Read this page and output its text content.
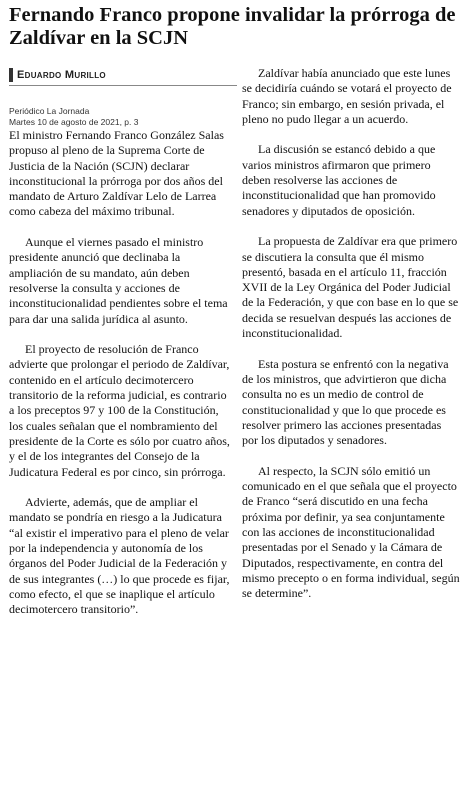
Fernando Franco propone invalidar la prórroga de Zaldívar en la SCJN
Eduardo Murillo
Periódico La Jornada
Martes 10 de agosto de 2021, p. 3

El ministro Fernando Franco González Salas propuso al pleno de la Suprema Corte de Justicia de la Nación (SCJN) declarar inconstitucional la prórroga por dos años del mandato de Arturo Zaldívar Lelo de Larrea como cabeza del máximo tribunal.

Aunque el viernes pasado el ministro presidente anunció que declinaba la ampliación de su mandato, aún deben resolverse la consulta y acciones de inconstitucionalidad pendientes sobre el tema para dar una salida jurídica al asunto.

El proyecto de resolución de Franco advierte que prolongar el periodo de Zaldívar, contenido en el artículo decimotercero transitorio de la reforma judicial, es contrario a los preceptos 97 y 100 de la Constitución, los cuales señalan que el nombramiento del presidente de la Corte es sólo por cuatro años, y el de los integrantes del Consejo de la Judicatura Federal es por cinco, sin prórroga.

Advierte, además, que de ampliar el mandato se pondría en riesgo a la Judicatura “al existir el imperativo para el pleno de velar por la independencia y autonomía de los órganos del Poder Judicial de la Federación y de sus integrantes (…) lo que procede es fijar, como efecto, el que se inaplique el artículo decimotercero transitorio”.

Zaldívar había anunciado que este lunes se decidiría cuándo se votará el proyecto de Franco; sin embargo, en sesión privada, el pleno no pudo llegar a un acuerdo.

La discusión se estancó debido a que varios ministros afirmaron que primero deben resolverse las acciones de inconstitucionalidad que han promovido senadores y diputados de oposición.

La propuesta de Zaldívar era que primero se discutiera la consulta que él mismo presentó, basada en el artículo 11, fracción XVII de la Ley Orgánica del Poder Judicial de la Federación, y que con base en lo que se decida se resuelvan después las acciones de inconstitucionalidad.

Esta postura se enfrentó con la negativa de los ministros, que advirtieron que dicha consulta no es un medio de control de constitucionalidad y que lo que procede es resolver primero las acciones presentadas por los diputados y senadores.

Al respecto, la SCJN sólo emitió un comunicado en el que señala que el proyecto de Franco “será discutido en una fecha próxima por definir, ya sea conjuntamente con las acciones de inconstitucionalidad presentadas por el Senado y la Cámara de Diputados, respectivamente, en contra del mismo precepto o en forma individual, según se determine”.
